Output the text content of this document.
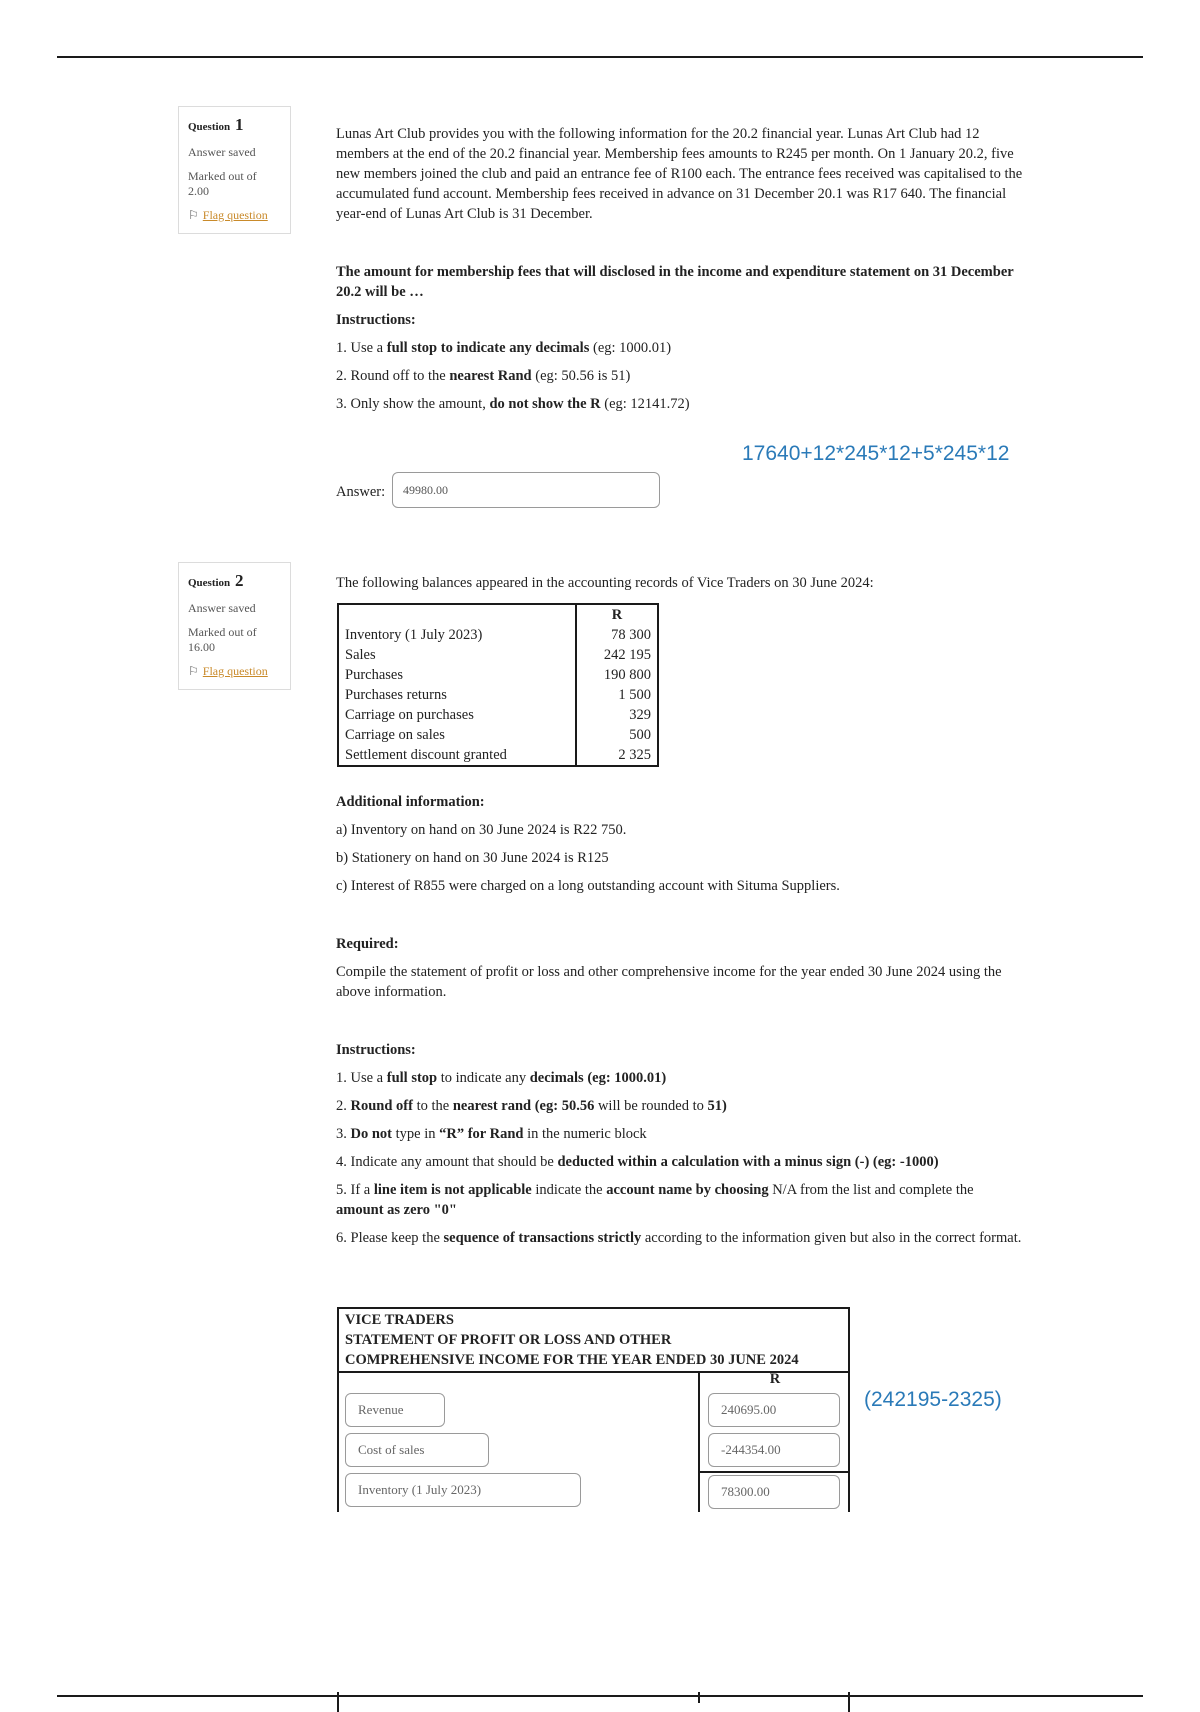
Question 1
Answer saved
Marked out of
2.00
⚐ Flag question

Lunas Art Club provides you with the following information for the 20.2 financial year. Lunas Art Club had 12 members at the end of the 20.2 financial year. Membership fees amounts to R245 per month. On 1 January 20.2, five new members joined the club and paid an entrance fee of R100 each. The entrance fees received was capitalised to the accumulated fund account. Membership fees received in advance on 31 December 20.1 was R17 640. The financial year-end of Lunas Art Club is 31 December.

The amount for membership fees that will disclosed in the income and expenditure statement on 31 December 20.2 will be …

Instructions:

1. Use a full stop to indicate any decimals (eg: 1000.01)

2. Round off to the nearest Rand (eg: 50.56 is 51)

3. Only show the amount, do not show the R (eg: 12141.72)

17640+12*245*12+5*245*12
Answer:
49980.00
Question 2
Answer saved
Marked out of
16.00
⚐ Flag question

The following balances appeared in the accounting records of Vice Traders on 30 June 2024:

	R
Inventory (1 July 2023)	78 300
Sales	242 195
Purchases	190 800
Purchases returns	1 500
Carriage on purchases	329
Carriage on sales	500
Settlement discount granted	2 325

Additional information:

a) Inventory on hand on 30 June 2024 is R22 750.

b) Stationery on hand on 30 June 2024 is R125

c) Interest of R855 were charged on a long outstanding account with Situma Suppliers.

Required:

Compile the statement of profit or loss and other comprehensive income for the year ended 30 June 2024 using the above information.

Instructions:

1. Use a full stop to indicate any decimals (eg: 1000.01)

2. Round off to the nearest rand (eg: 50.56 will be rounded to 51)

3. Do not type in “R” for Rand in the numeric block

4. Indicate any amount that should be deducted within a calculation with a minus sign (-) (eg: -1000)

5. If a line item is not applicable indicate the account name by choosing N/A from the list and complete the amount as zero "0"

6. Please keep the sequence of transactions strictly according to the information given but also in the correct format.

VICE TRADERS
STATEMENT OF PROFIT OR LOSS AND OTHER
COMPREHENSIVE INCOME FOR THE YEAR ENDED 30 JUNE 2024
R
Revenue	240695.00
Cost of sales	-244354.00
Inventory (1 July 2023)	78300.00
(242195-2325)
